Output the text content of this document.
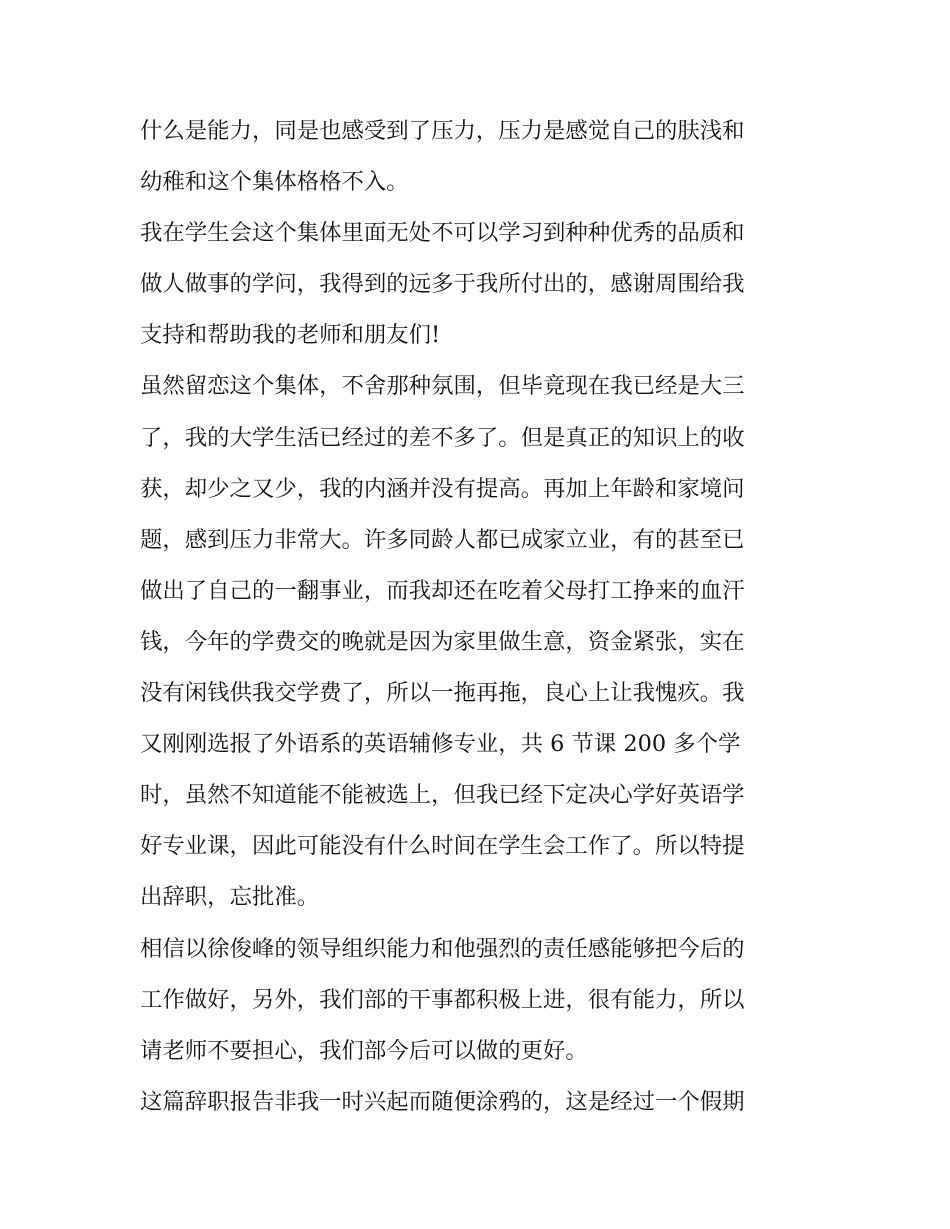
什么是能力，同是也感受到了压力，压力是感觉自己的肤浅和
幼稚和这个集体格格不入。
我在学生会这个集体里面无处不可以学习到种种优秀的品质和
做人做事的学问，我得到的远多于我所付出的，感谢周围给我
支持和帮助我的老师和朋友们!
虽然留恋这个集体，不舍那种氛围，但毕竟现在我已经是大三
了，我的大学生活已经过的差不多了。但是真正的知识上的收
获，却少之又少，我的内涵并没有提高。再加上年龄和家境问
题，感到压力非常大。许多同龄人都已成家立业，有的甚至已
做出了自己的一翻事业，而我却还在吃着父母打工挣来的血汗
钱，今年的学费交的晚就是因为家里做生意，资金紧张，实在
没有闲钱供我交学费了，所以一拖再拖，良心上让我愧疚。我
又刚刚选报了外语系的英语辅修专业，共 6 节课 200 多个学
时，虽然不知道能不能被选上，但我已经下定决心学好英语学
好专业课，因此可能没有什么时间在学生会工作了。所以特提
出辞职，忘批准。
相信以徐俊峰的领导组织能力和他强烈的责任感能够把今后的
工作做好，另外，我们部的干事都积极上进，很有能力，所以
请老师不要担心，我们部今后可以做的更好。
这篇辞职报告非我一时兴起而随便涂鸦的，这是经过一个假期
